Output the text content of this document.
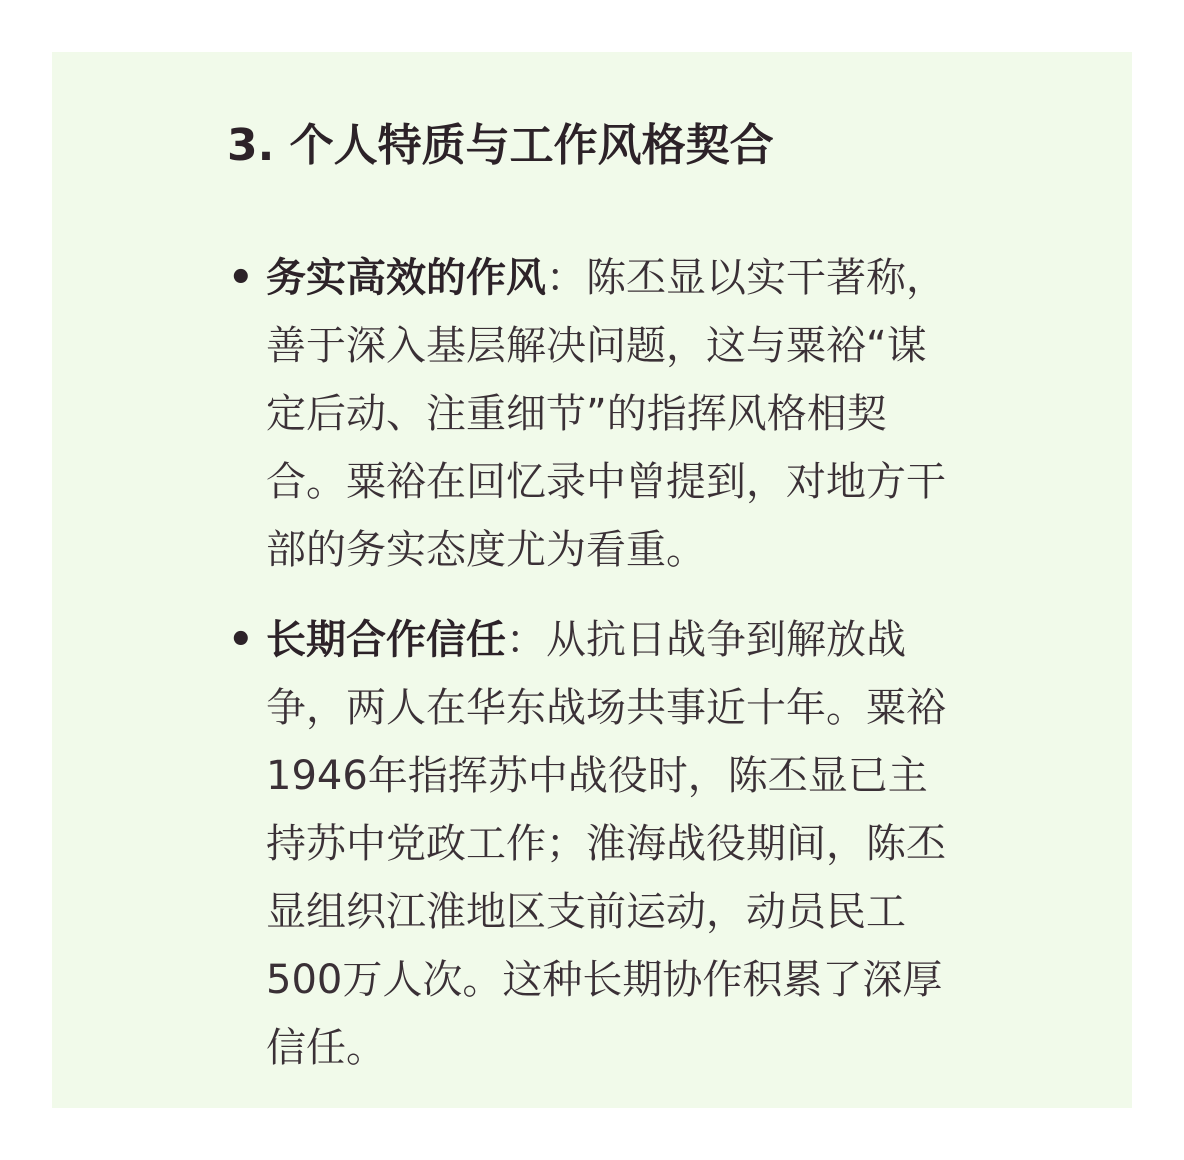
3. 个人特质与工作风格契合
• 务实高效的作风：陈丕显以实干著称，
善于深入基层解决问题，这与粟裕“谋
定后动、注重细节”的指挥风格相契
合。粟裕在回忆录中曾提到，对地方干
部的务实态度尤为看重。
• 长期合作信任：从抗日战争到解放战
争，两人在华东战场共事近十年。粟裕
1946年指挥苏中战役时，陈丕显已主
持苏中党政工作；淮海战役期间，陈丕
显组织江淮地区支前运动，动员民工
500万人次。这种长期协作积累了深厚
信任。
